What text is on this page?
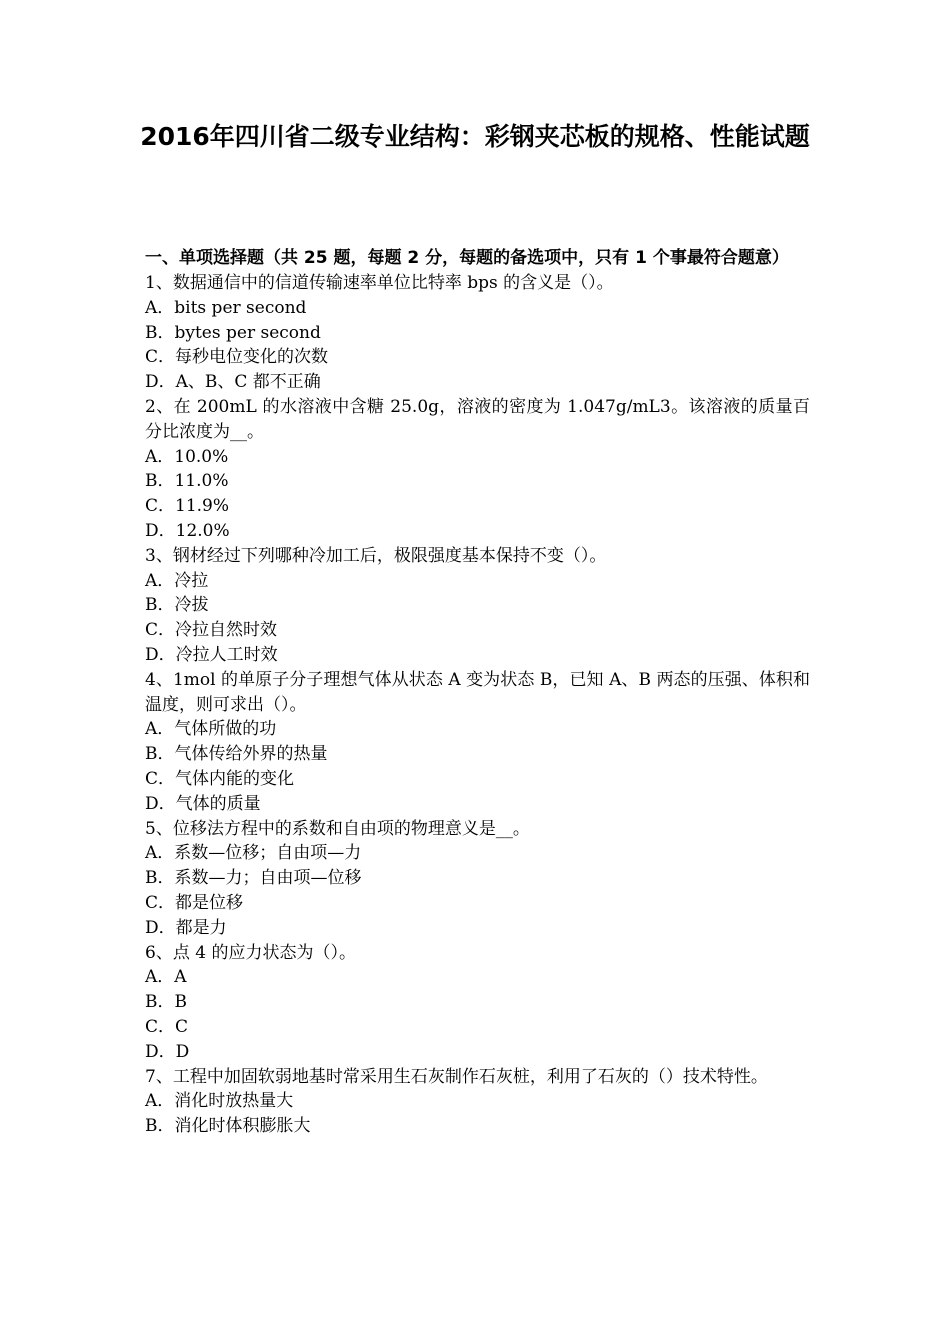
2016年四川省二级专业结构：彩钢夹芯板的规格、性能试题

一、单项选择题（共 25 题，每题 2 分，每题的备选项中，只有 1 个事最符合题意）

1、数据通信中的信道传输速率单位比特率 bps 的含义是（）。

A．bits per second

B．bytes per second

C．每秒电位变化的次数

D．A、B、C 都不正确

2、在 200mL 的水溶液中含糖 25.0g，溶液的密度为 1.047g/mL3。该溶液的质量百分比浓度为__。

A．10.0%

B．11.0%

C．11.9%

D．12.0%

3、钢材经过下列哪种冷加工后，极限强度基本保持不变（）。

A．冷拉

B．冷拔

C．冷拉自然时效

D．冷拉人工时效

4、1mol 的单原子分子理想气体从状态 A 变为状态 B，已知 A、B 两态的压强、体积和温度，则可求出（）。

A．气体所做的功

B．气体传给外界的热量

C．气体内能的变化

D．气体的质量

5、位移法方程中的系数和自由项的物理意义是__。

A．系数—位移；自由项—力

B．系数—力；自由项—位移

C．都是位移

D．都是力

6、点 4 的应力状态为（）。

A．A

B．B

C．C

D．D

7、工程中加固软弱地基时常采用生石灰制作石灰桩，利用了石灰的（）技术特性。

A．消化时放热量大

B．消化时体积膨胀大
